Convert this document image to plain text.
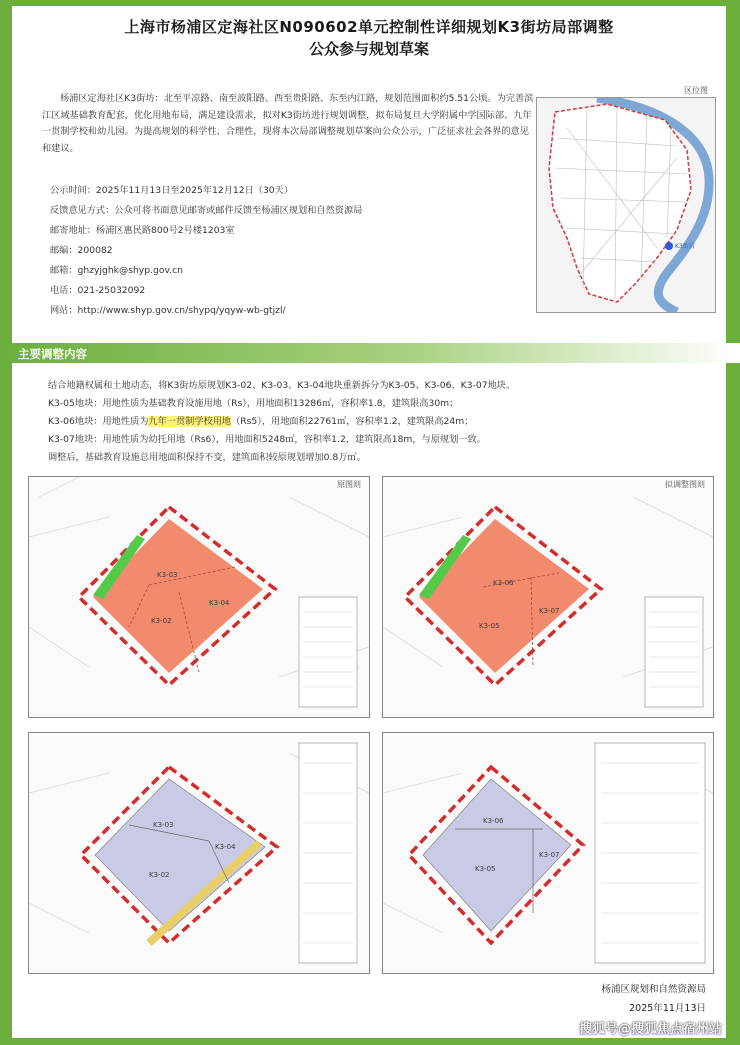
上海市杨浦区定海社区N090602单元控制性详细规划K3街坊局部调整
公众参与规划草案
杨浦区定海社区K3街坊：北至平凉路、南至波阳路、西至贵阳路、东至内江路，规划范围面积约5.51公顷。为完善滨江区域基础教育配套，优化用地布局，满足建设需求，拟对K3街坊进行规划调整，拟布局复旦大学附属中学国际部、九年一贯制学校和幼儿园。为提高规划的科学性、合理性，现将本次局部调整规划草案向公众公示，广泛征求社会各界的意见和建议。
公示时间：2025年11月13日至2025年12月12日（30天）
反馈意见方式：公众可将书面意见邮寄或邮件反馈至杨浦区规划和自然资源局
邮寄地址：杨浦区惠民路800号2号楼1203室
邮编：200082
邮箱：ghzyjghk@shyp.gov.cn
电话：021-25032092
网站：http://www.shyp.gov.cn/shypq/yqyw-wb-gtjzl/
区位图
K3街坊
主要调整内容
结合地籍权属和土地动态，将K3街坊原规划K3-02、K3-03、K3-04地块重新拆分为K3-05、K3-06、K3-07地块。
K3-05地块：用地性质为基础教育设施用地（Rs），用地面积13286㎡，容积率1.8，建筑限高30m；
K3-06地块：用地性质为九年一贯制学校用地（Rs5），用地面积22761㎡，容积率1.2，建筑限高24m；
K3-07地块：用地性质为幼托用地（Rs6），用地面积5248㎡，容积率1.2，建筑限高18m，与原规划一致。
调整后，基础教育设施总用地面积保持不变，建筑面积较原规划增加0.8万㎡。
原图则
K3-03
K3-02
K3-04
拟调整图则
K3-06
K3-05
K3-07
K3-03
K3-02
K3-04
K3-06
K3-05
K3-07
杨浦区规划和自然资源局
2025年11月13日
搜狐号@搜狐焦点宿州站
